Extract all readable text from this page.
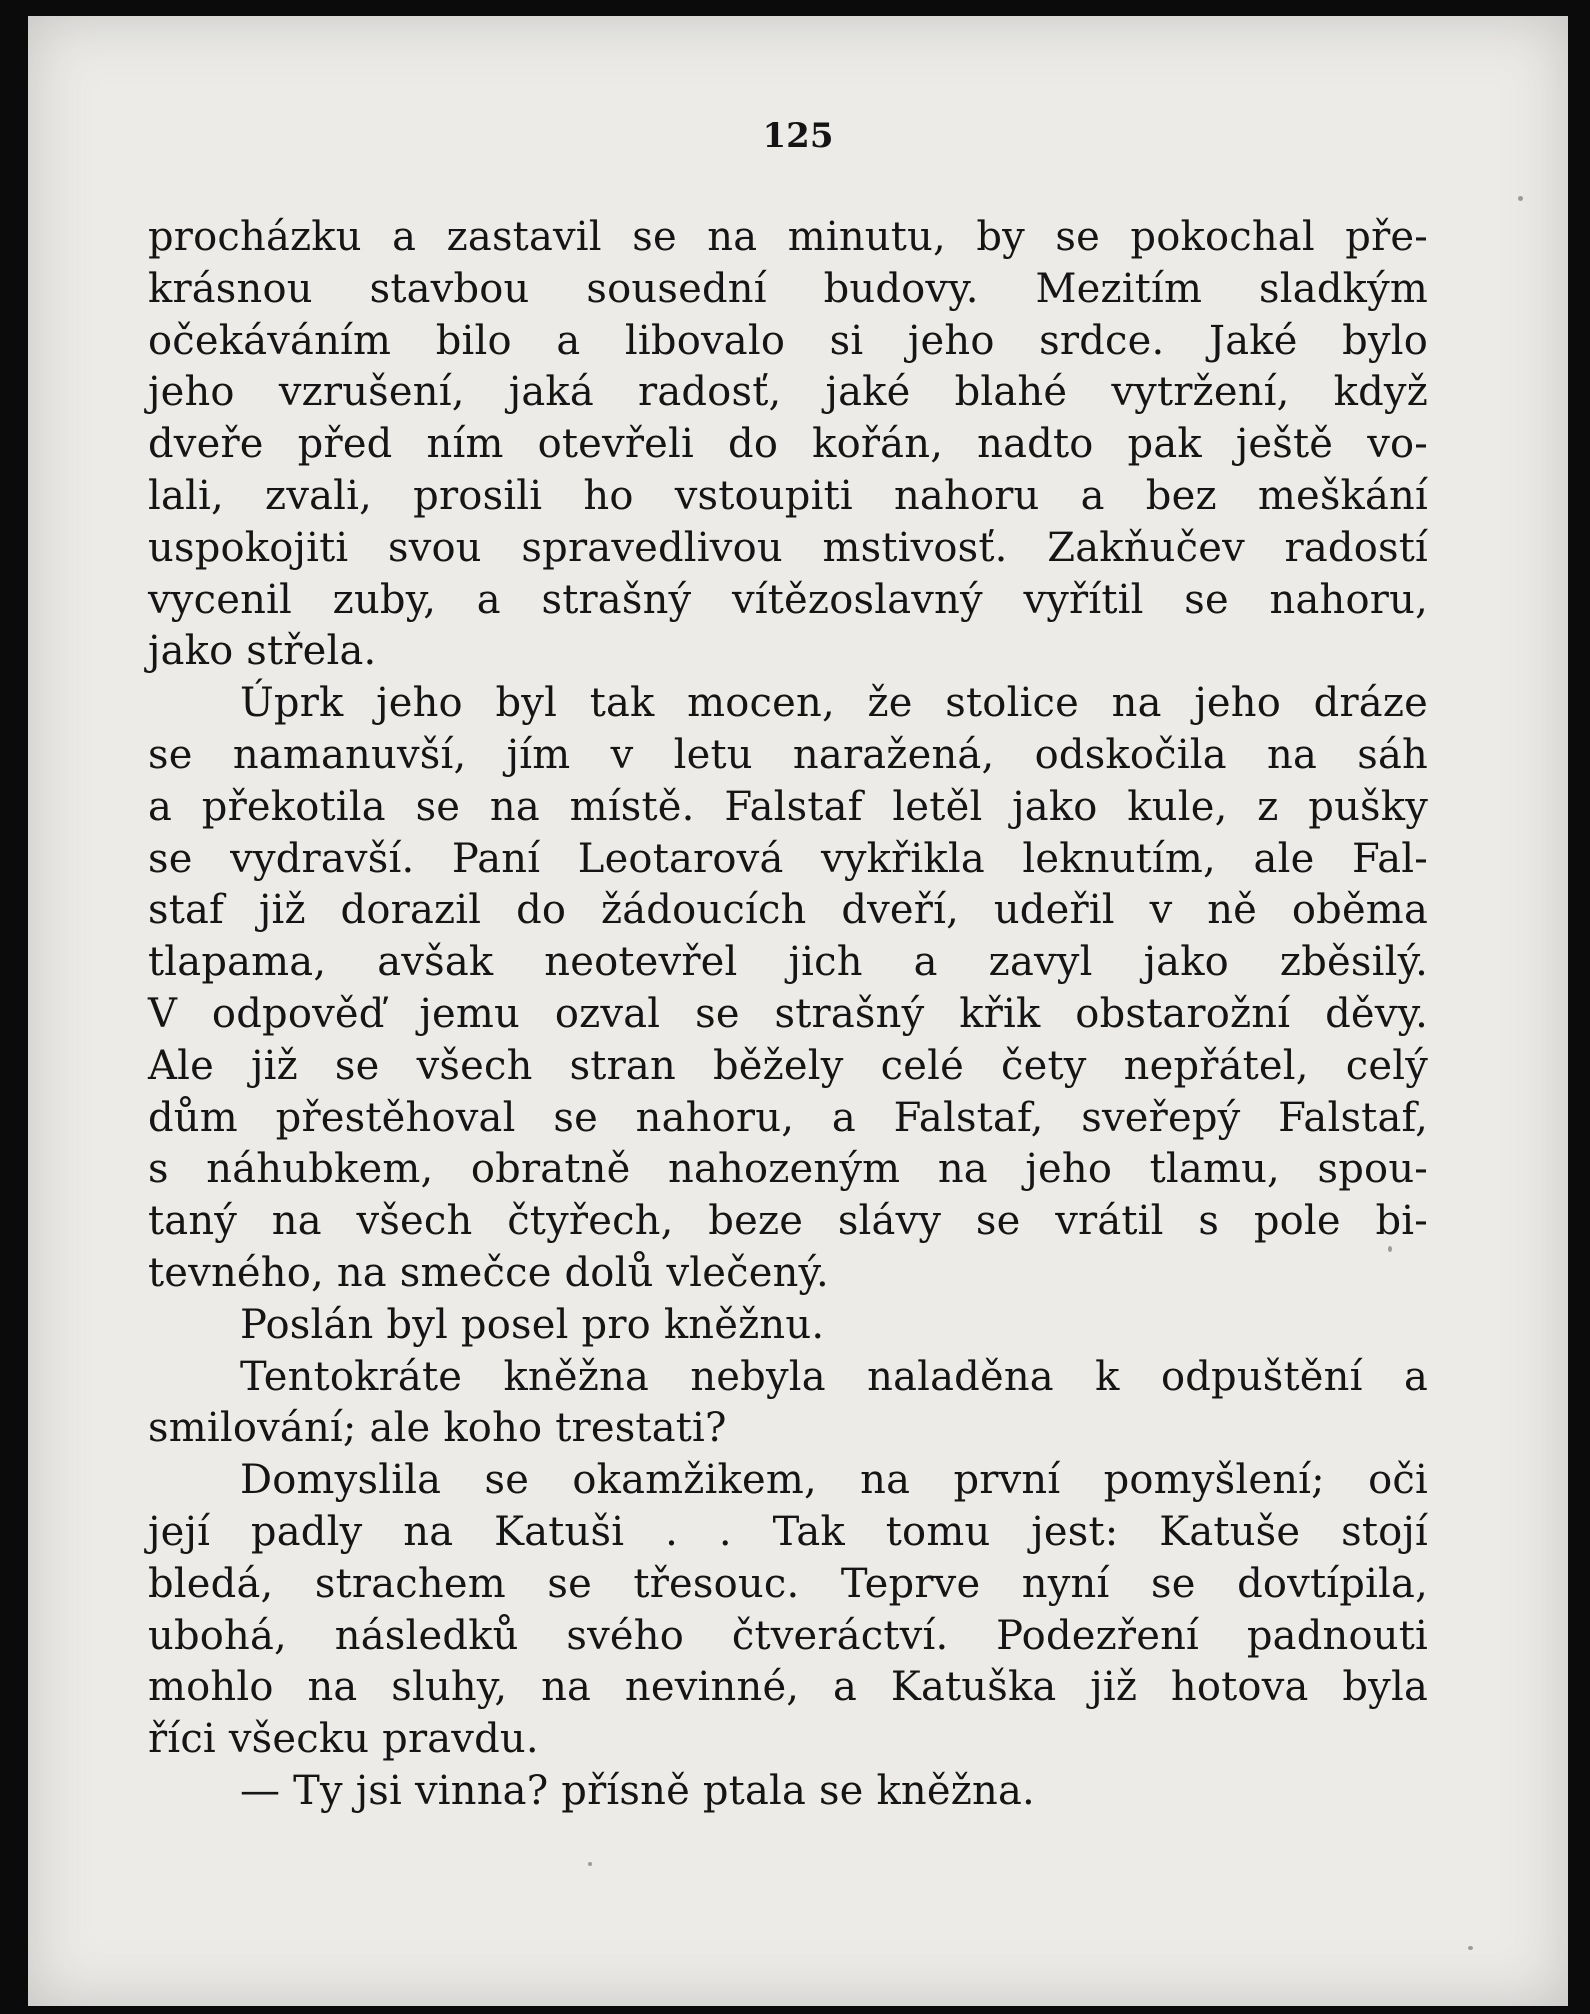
125
procházku a zastavil se na minutu, by se pokochal pře-
krásnou stavbou sousední budovy. Mezitím sladkým
očekáváním bilo a libovalo si jeho srdce. Jaké bylo
jeho vzrušení, jaká radosť, jaké blahé vytržení, když
dveře před ním otevřeli do kořán, nadto pak ještě vo-
lali, zvali, prosili ho vstoupiti nahoru a bez meškání
uspokojiti svou spravedlivou mstivosť. Zakňučev radostí
vycenil zuby, a strašný vítězoslavný vyřítil se nahoru,
jako střela.
Úprk jeho byl tak mocen, že stolice na jeho dráze
se namanuvší, jím v letu naražená, odskočila na sáh
a překotila se na místě. Falstaf letěl jako kule, z pušky
se vydravší. Paní Leotarová vykřikla leknutím, ale Fal-
staf již dorazil do žádoucích dveří, udeřil v ně oběma
tlapama, avšak neotevřel jich a zavyl jako zběsilý.
V odpověď jemu ozval se strašný křik obstarožní děvy.
Ale již se všech stran běžely celé čety nepřátel, celý
dům přestěhoval se nahoru, a Falstaf, sveřepý Falstaf,
s náhubkem, obratně nahozeným na jeho tlamu, spou-
taný na všech čtyřech, beze slávy se vrátil s pole bi-
tevného, na smečce dolů vlečený.
Poslán byl posel pro kněžnu.
Tentokráte kněžna nebyla naladěna k odpuštění a
smilování; ale koho trestati?
Domyslila se okamžikem, na první pomyšlení; oči
její padly na Katuši . . Tak tomu jest: Katuše stojí
bledá, strachem se třesouc. Teprve nyní se dovtípila,
ubohá, následků svého čtveráctví. Podezření padnouti
mohlo na sluhy, na nevinné, a Katuška již hotova byla
říci všecku pravdu.
— Ty jsi vinna? přísně ptala se kněžna.
